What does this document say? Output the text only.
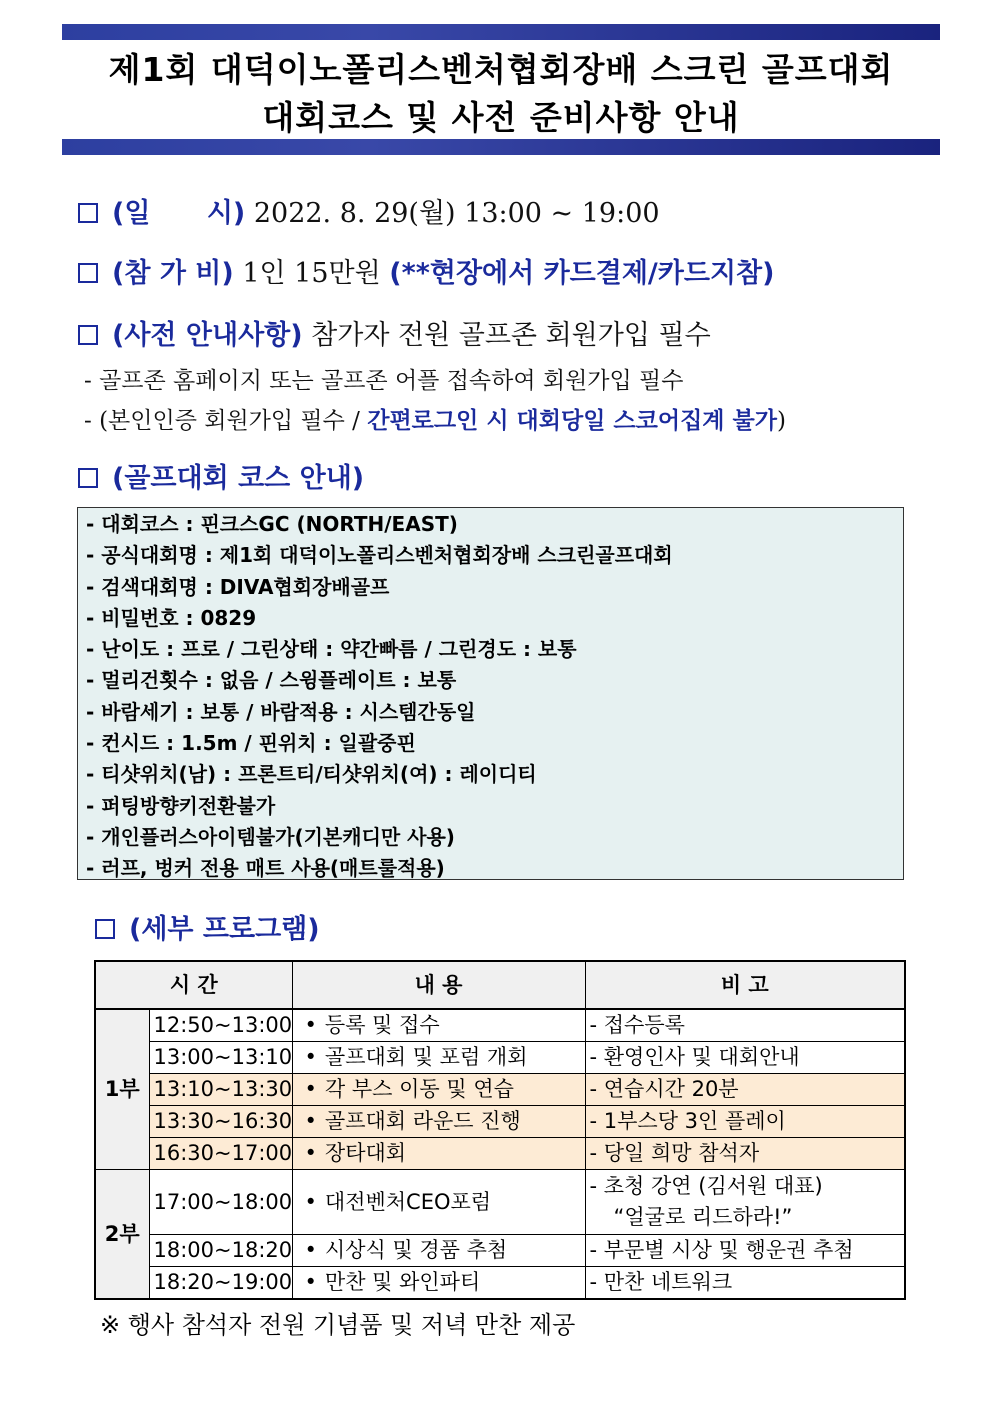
제1회 대덕이노폴리스벤처협회장배 스크린 골프대회
대회코스 및 사전 준비사항 안내
(일      시) 2022. 8. 29(월) 13:00 ~ 19:00
(참 가 비) 1인 15만원 (**현장에서 카드결제/카드지참)
(사전 안내사항) 참가자 전원 골프존 회원가입 필수
- 골프존 홈페이지 또는 골프존 어플 접속하여 회원가입 필수
- (본인인증 회원가입 필수 / 간편로그인 시 대회당일 스코어집계 불가)
(골프대회 코스 안내)
- 대회코스 : 핀크스GC (NORTH/EAST)
- 공식대회명 : 제1회 대덕이노폴리스벤처협회장배 스크린골프대회
- 검색대회명 : DIVA협회장배골프
- 비밀번호 : 0829
- 난이도 : 프로 / 그린상태 : 약간빠름 / 그린경도 : 보통
- 멀리건횟수 : 없음 / 스윙플레이트 : 보통
- 바람세기 : 보통 / 바람적용 : 시스템간동일
- 컨시드 : 1.5m / 핀위치 : 일괄중핀
- 티샷위치(남) : 프론트티/티샷위치(여) : 레이디티
- 퍼팅방향키전환불가
- 개인플러스아이템불가(기본캐디만 사용)
- 러프, 벙커 전용 매트 사용(매트룰적용)
(세부 프로그램)
시 간		내 용	비 고
1부	12:50~13:00	• 등록 및 접수	- 접수등록
	13:00~13:10	• 골프대회 및 포럼 개회	- 환영인사 및 대회안내
	13:10~13:30	• 각 부스 이동 및 연습	- 연습시간 20분
	13:30~16:30	• 골프대회 라운드 진행	- 1부스당 3인 플레이
	16:30~17:00	• 장타대회	- 당일 희망 참석자
2부	17:00~18:00	• 대전벤처CEO포럼	- 초청 강연 (김서원 대표)
“얼굴로 리드하라!”

	18:00~18:20	• 시상식 및 경품 추첨	- 부문별 시상 및 행운권 추첨
	18:20~19:00	• 만찬 및 와인파티	- 만찬 네트워크
※ 행사 참석자 전원 기념품 및 저녁 만찬 제공
